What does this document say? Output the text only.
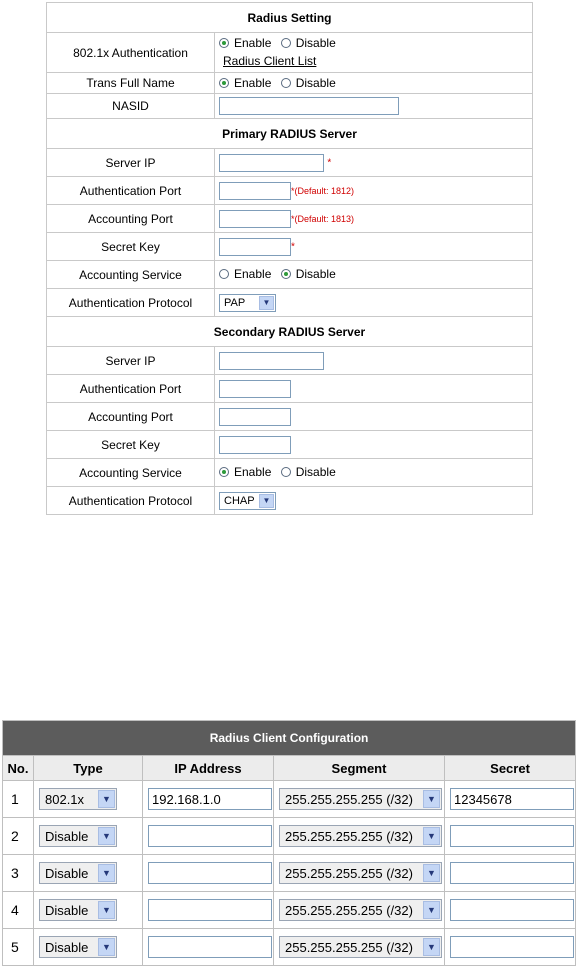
Radius Setting	
802.1x Authentication	Enable
Disable
Radius Client List

Trans Full Name	Enable
Disable

NASID	
Primary RADIUS Server	
Server IP	*
Authentication Port	*(Default: 1812)
Accounting Port	*(Default: 1813)
Secret Key	*
Accounting Service	Enable
Disable

Authentication Protocol	PAP ▼

Secondary RADIUS Server	
Server IP	
Authentication Port	
Accounting Port	
Secret Key	
Accounting Service	Enable
Disable

Authentication Protocol	CHAP ▼
Radius Client Configuration				
No.	Type	IP Address	Segment	Secret
1	802.1x ▼	192.168.1.0	255.255.255.255 (/32) ▼	12345678
2	Disable ▼		255.255.255.255 (/32) ▼	

3	Disable ▼		255.255.255.255 (/32) ▼	

4	Disable ▼		255.255.255.255 (/32) ▼	

5	Disable ▼		255.255.255.255 (/32) ▼	
